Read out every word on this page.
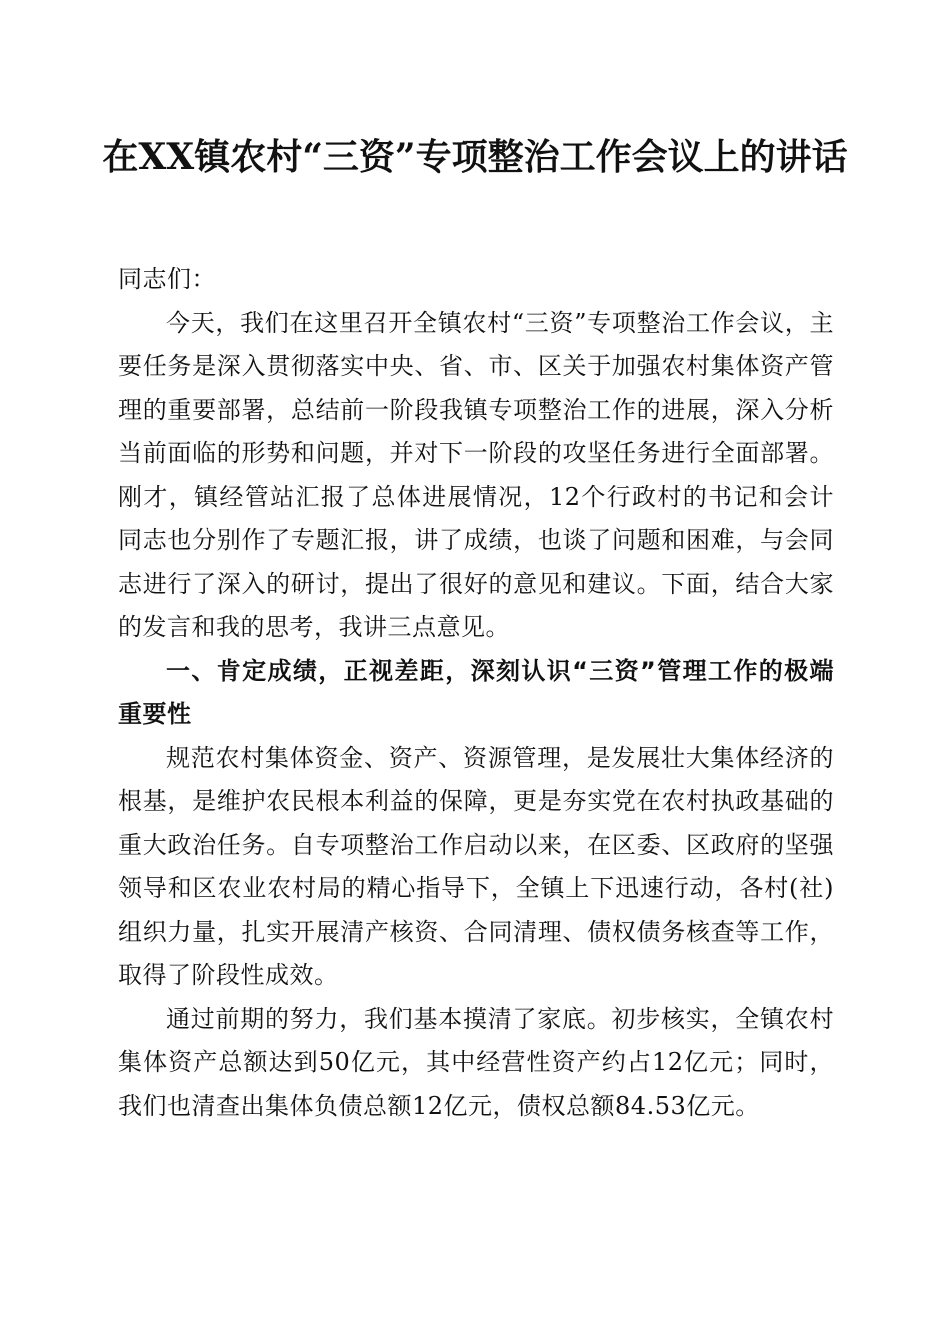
在XX镇农村“三资”专项整治工作会议上的讲话

同志们：

今天，我们在这里召开全镇农村“三资”专项整治工作会议，主要任务是深入贯彻落实中央、省、市、区关于加强农村集体资产管理的重要部署，总结前一阶段我镇专项整治工作的进展，深入分析当前面临的形势和问题，并对下一阶段的攻坚任务进行全面部署。刚才，镇经管站汇报了总体进展情况，12个行政村的书记和会计同志也分别作了专题汇报，讲了成绩，也谈了问题和困难，与会同志进行了深入的研讨，提出了很好的意见和建议。下面，结合大家的发言和我的思考，我讲三点意见。

一、肯定成绩，正视差距，深刻认识“三资”管理工作的极端重要性

规范农村集体资金、资产、资源管理，是发展壮大集体经济的根基，是维护农民根本利益的保障，更是夯实党在农村执政基础的重大政治任务。自专项整治工作启动以来，在区委、区政府的坚强领导和区农业农村局的精心指导下，全镇上下迅速行动，各村(社)组织力量，扎实开展清产核资、合同清理、债权债务核查等工作，取得了阶段性成效。

通过前期的努力，我们基本摸清了家底。初步核实，全镇农村集体资产总额达到50亿元，其中经营性资产约占12亿元；同时，我们也清查出集体负债总额12亿元，债权总额84.53亿元。
